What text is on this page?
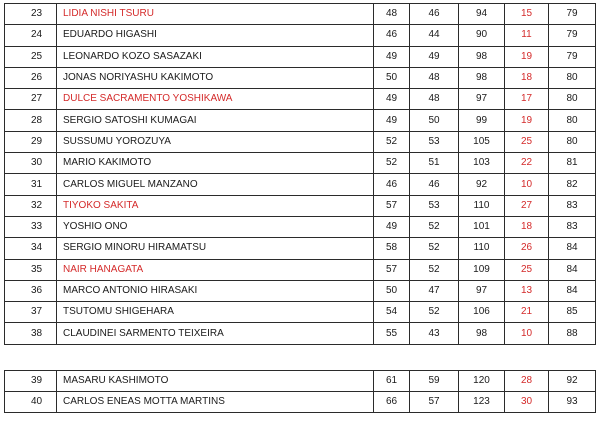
23	LIDIA NISHI TSURU	48	46	94	15	79
24	EDUARDO HIGASHI	46	44	90	11	79
25	LEONARDO KOZO SASAZAKI	49	49	98	19	79
26	JONAS NORIYASHU KAKIMOTO	50	48	98	18	80
27	DULCE SACRAMENTO YOSHIKAWA	49	48	97	17	80
28	SERGIO SATOSHI KUMAGAI	49	50	99	19	80
29	SUSSUMU YOROZUYA	52	53	105	25	80
30	MARIO KAKIMOTO	52	51	103	22	81
31	CARLOS MIGUEL MANZANO	46	46	92	10	82
32	TIYOKO SAKITA	57	53	110	27	83
33	YOSHIO ONO	49	52	101	18	83
34	SERGIO MINORU HIRAMATSU	58	52	110	26	84
35	NAIR HANAGATA	57	52	109	25	84
36	MARCO ANTONIO HIRASAKI	50	47	97	13	84
37	TSUTOMU SHIGEHARA	54	52	106	21	85
38	CLAUDINEI SARMENTO TEIXEIRA	55	43	98	10	88
39	MASARU KASHIMOTO	61	59	120	28	92
40	CARLOS ENEAS MOTTA MARTINS	66	57	123	30	93
